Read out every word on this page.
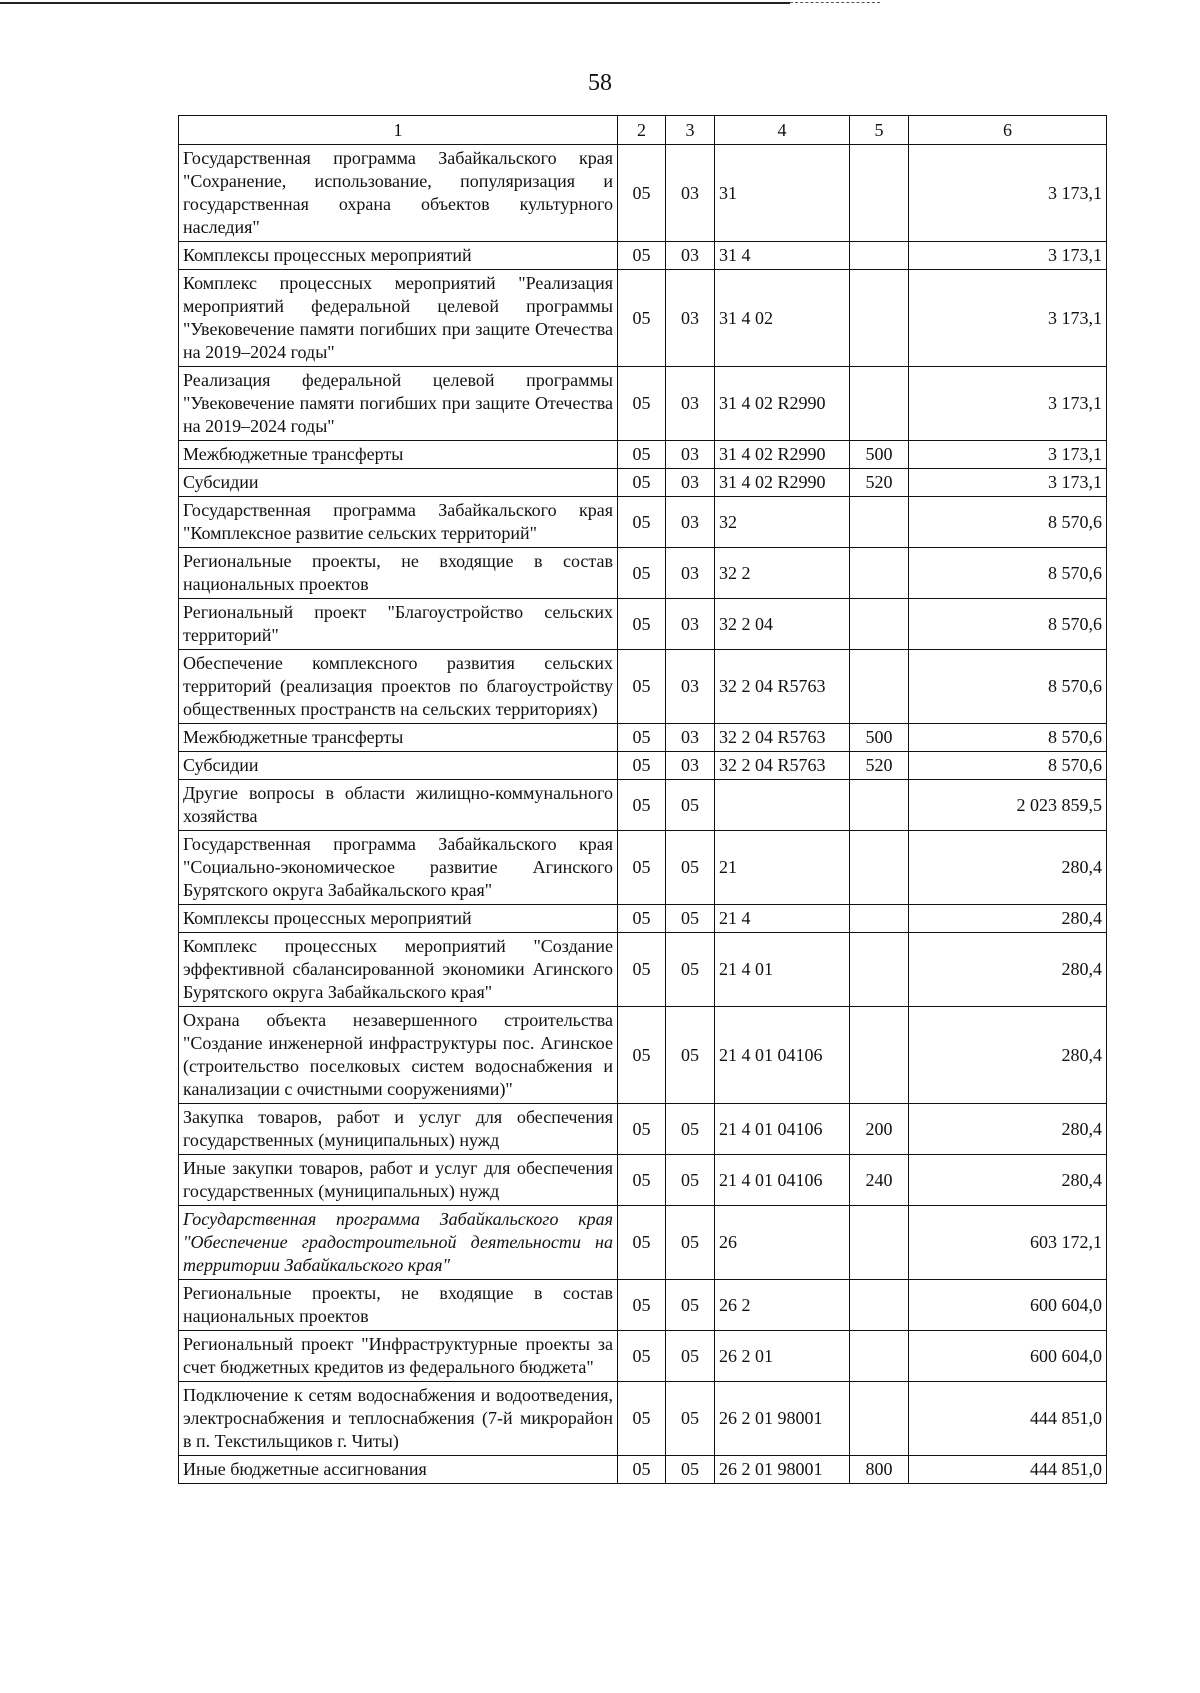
58
1	2	3	4	5	6
Государственная программа Забайкальского края "Сохранение, использование, популяризация и государственная охрана объектов культурного наследия"	05	03	31		3 173,1
Комплексы процессных мероприятий	05	03	31 4		3 173,1
Комплекс процессных мероприятий "Реализация мероприятий федеральной целевой программы "Увековечение памяти погибших при защите Отечества на 2019–2024 годы"	05	03	31 4 02		3 173,1
Реализация федеральной целевой программы "Увековечение памяти погибших при защите Отечества на 2019–2024 годы"	05	03	31 4 02 R2990		3 173,1
Межбюджетные трансферты	05	03	31 4 02 R2990	500	3 173,1
Субсидии	05	03	31 4 02 R2990	520	3 173,1
Государственная программа Забайкальского края "Комплексное развитие сельских территорий"	05	03	32		8 570,6
Региональные проекты, не входящие в состав национальных проектов	05	03	32 2		8 570,6
Региональный проект "Благоустройство сельских территорий"	05	03	32 2 04		8 570,6
Обеспечение комплексного развития сельских территорий (реализация проектов по благоустройству общественных пространств на сельских территориях)	05	03	32 2 04 R5763		8 570,6
Межбюджетные трансферты	05	03	32 2 04 R5763	500	8 570,6
Субсидии	05	03	32 2 04 R5763	520	8 570,6
Другие вопросы в области жилищно-коммунального хозяйства	05	05			2 023 859,5
Государственная программа Забайкальского края "Социально-экономическое развитие Агинского Бурятского округа Забайкальского края"	05	05	21		280,4
Комплексы процессных мероприятий	05	05	21 4		280,4
Комплекс процессных мероприятий "Создание эффективной сбалансированной экономики Агинского Бурятского округа Забайкальского края"	05	05	21 4 01		280,4
Охрана объекта незавершенного строительства "Создание инженерной инфраструктуры пос. Агинское (строительство поселковых систем водоснабжения и канализации с очистными сооружениями)"	05	05	21 4 01 04106		280,4
Закупка товаров, работ и услуг для обеспечения государственных (муниципальных) нужд	05	05	21 4 01 04106	200	280,4
Иные закупки товаров, работ и услуг для обеспечения государственных (муниципальных) нужд	05	05	21 4 01 04106	240	280,4
Государственная программа Забайкальского края "Обеспечение градостроительной деятельности на территории Забайкальского края"	05	05	26		603 172,1
Региональные проекты, не входящие в состав национальных проектов	05	05	26 2		600 604,0
Региональный проект "Инфраструктурные проекты за счет бюджетных кредитов из федерального бюджета"	05	05	26 2 01		600 604,0
Подключение к сетям водоснабжения и водоотведения, электроснабжения и теплоснабжения (7-й микрорайон в п. Текстильщиков г. Читы)	05	05	26 2 01 98001		444 851,0
Иные бюджетные ассигнования	05	05	26 2 01 98001	800	444 851,0
